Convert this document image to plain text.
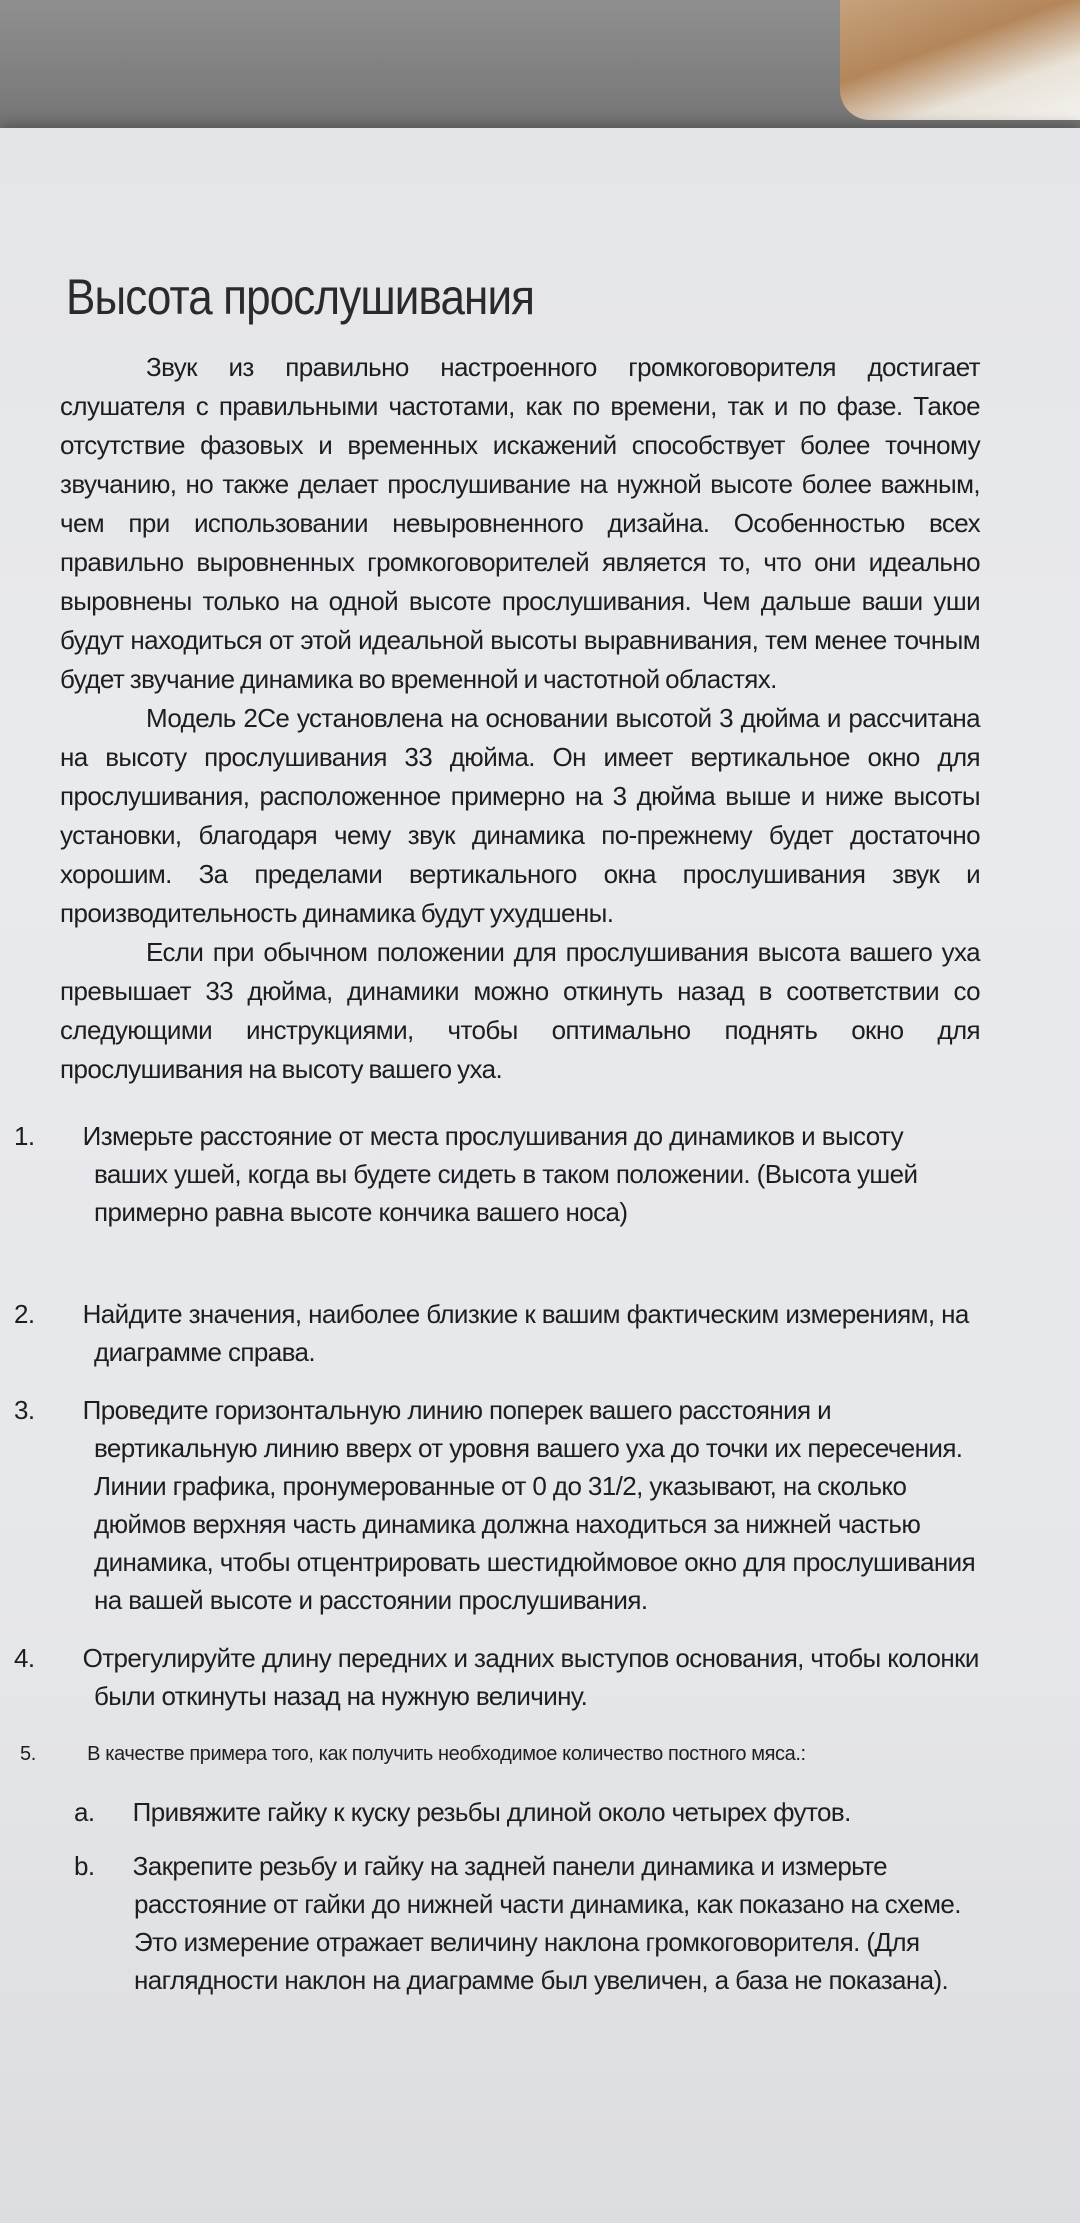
Высота прослушивания

Звук из правильно настроенного громкоговорителя достигает слушателя с правильными частотами, как по времени, так и по фазе. Такое отсутствие фазовых и временных искажений способствует более точному звучанию, но также делает прослушивание на нужной высоте более важным, чем при использовании невыровненного дизайна. Особенностью всех правильно выровненных громкоговорителей является то, что они идеально выровнены только на одной высоте прослушивания. Чем дальше ваши уши будут находиться от этой идеальной высоты выравнивания, тем менее точным будет звучание динамика во временной и частотной областях.

Модель 2Се установлена на основании высотой 3 дюйма и рассчитана на высоту прослушивания 33 дюйма. Он имеет вертикальное окно для прослушивания, расположенное примерно на 3 дюйма выше и ниже высоты установки, благодаря чему звук динамика по-прежнему будет достаточно хорошим. За пределами вертикального окна прослушивания звук и производительность динамика будут ухудшены.

Если при обычном положении для прослушивания высота вашего уха превышает 33 дюйма, динамики можно откинуть назад в соответствии со следующими инструкциями, чтобы оптимально поднять окно для прослушивания на высоту вашего уха.

1. Измерьте расстояние от места прослушивания до динамиков и высоту ваших ушей, когда вы будете сидеть в таком положении. (Высота ушей примерно равна высоте кончика вашего носа)
2. Найдите значения, наиболее близкие к вашим фактическим измерениям, на диаграмме справа.
3. Проведите горизонтальную линию поперек вашего расстояния и вертикальную линию вверх от уровня вашего уха до точки их пересечения. Линии графика, пронумерованные от 0 до 31/2, указывают, на сколько дюймов верхняя часть динамика должна находиться за нижней частью динамика, чтобы отцентрировать шестидюймовое окно для прослушивания на вашей высоте и расстоянии прослушивания.
4. Отрегулируйте длину передних и задних выступов основания, чтобы колонки были откинуты назад на нужную величину.
5.	В качестве примера того, как получить необходимое количество постного мяса.:
a. Привяжите гайку к куску резьбы длиной около четырех футов.
b. Закрепите резьбу и гайку на задней панели динамика и измерьте расстояние от гайки до нижней части динамика, как показано на схеме. Это измерение отражает величину наклона громкоговорителя. (Для наглядности наклон на диаграмме был увеличен, а база не показана).
